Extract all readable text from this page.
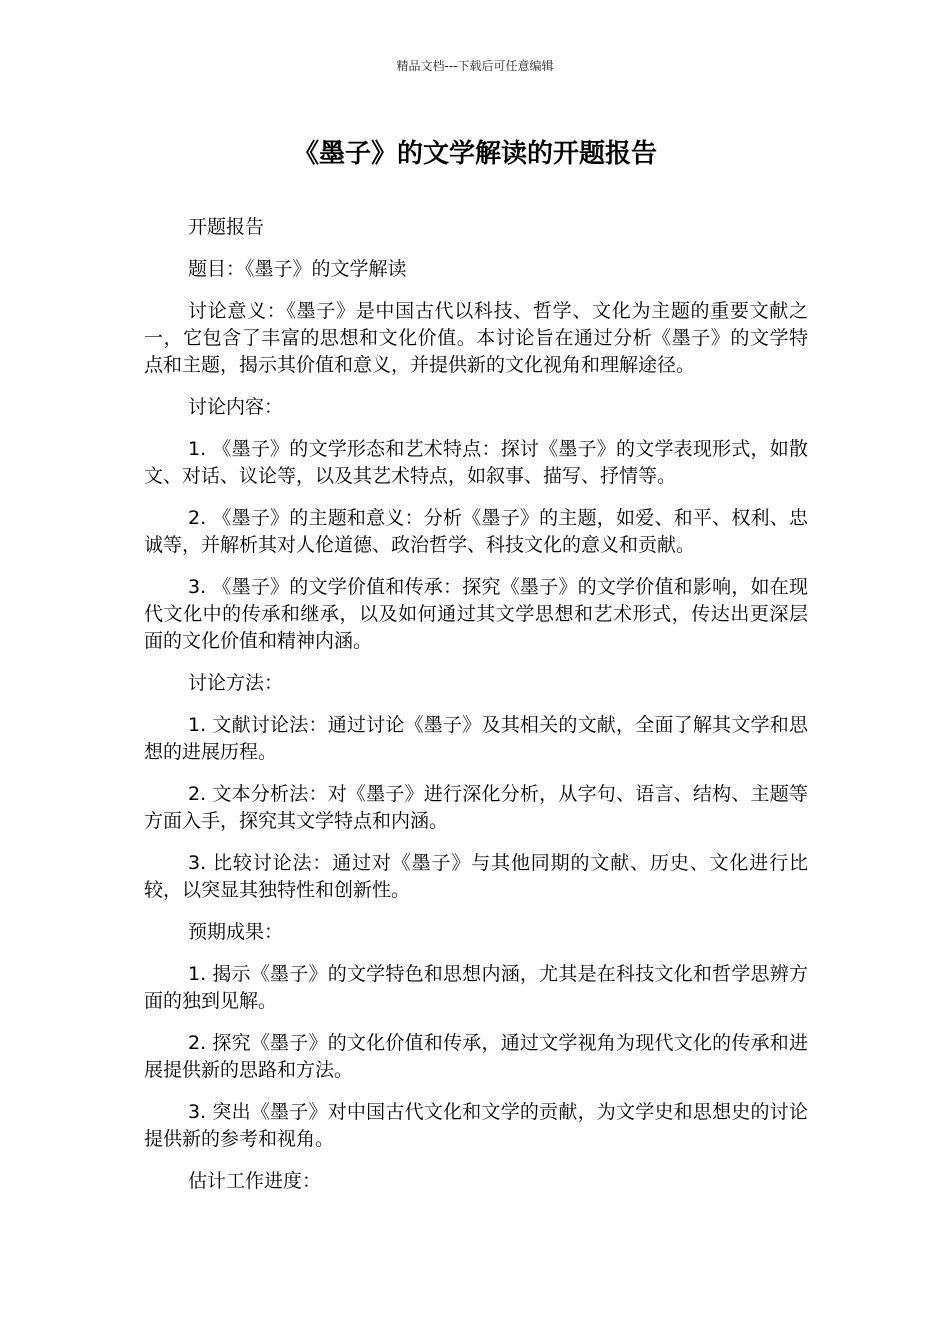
精品文档---下载后可任意编辑
《墨子》的文学解读的开题报告

开题报告

题目：《墨子》的文学解读

讨论意义：《墨子》是中国古代以科技、哲学、文化为主题的重要文献之一，它包含了丰富的思想和文化价值。本讨论旨在通过分析《墨子》的文学特点和主题，揭示其价值和意义，并提供新的文化视角和理解途径。

讨论内容：

1. 《墨子》的文学形态和艺术特点：探讨《墨子》的文学表现形式，如散文、对话、议论等，以及其艺术特点，如叙事、描写、抒情等。

2. 《墨子》的主题和意义：分析《墨子》的主题，如爱、和平、权利、忠诚等，并解析其对人伦道德、政治哲学、科技文化的意义和贡献。

3. 《墨子》的文学价值和传承：探究《墨子》的文学价值和影响，如在现代文化中的传承和继承，以及如何通过其文学思想和艺术形式，传达出更深层面的文化价值和精神内涵。

讨论方法：

1. 文献讨论法：通过讨论《墨子》及其相关的文献，全面了解其文学和思想的进展历程。

2. 文本分析法：对《墨子》进行深化分析，从字句、语言、结构、主题等方面入手，探究其文学特点和内涵。

3. 比较讨论法：通过对《墨子》与其他同期的文献、历史、文化进行比较，以突显其独特性和创新性。

预期成果：

1. 揭示《墨子》的文学特色和思想内涵，尤其是在科技文化和哲学思辨方面的独到见解。

2. 探究《墨子》的文化价值和传承，通过文学视角为现代文化的传承和进展提供新的思路和方法。

3. 突出《墨子》对中国古代文化和文学的贡献，为文学史和思想史的讨论提供新的参考和视角。

估计工作进度：
